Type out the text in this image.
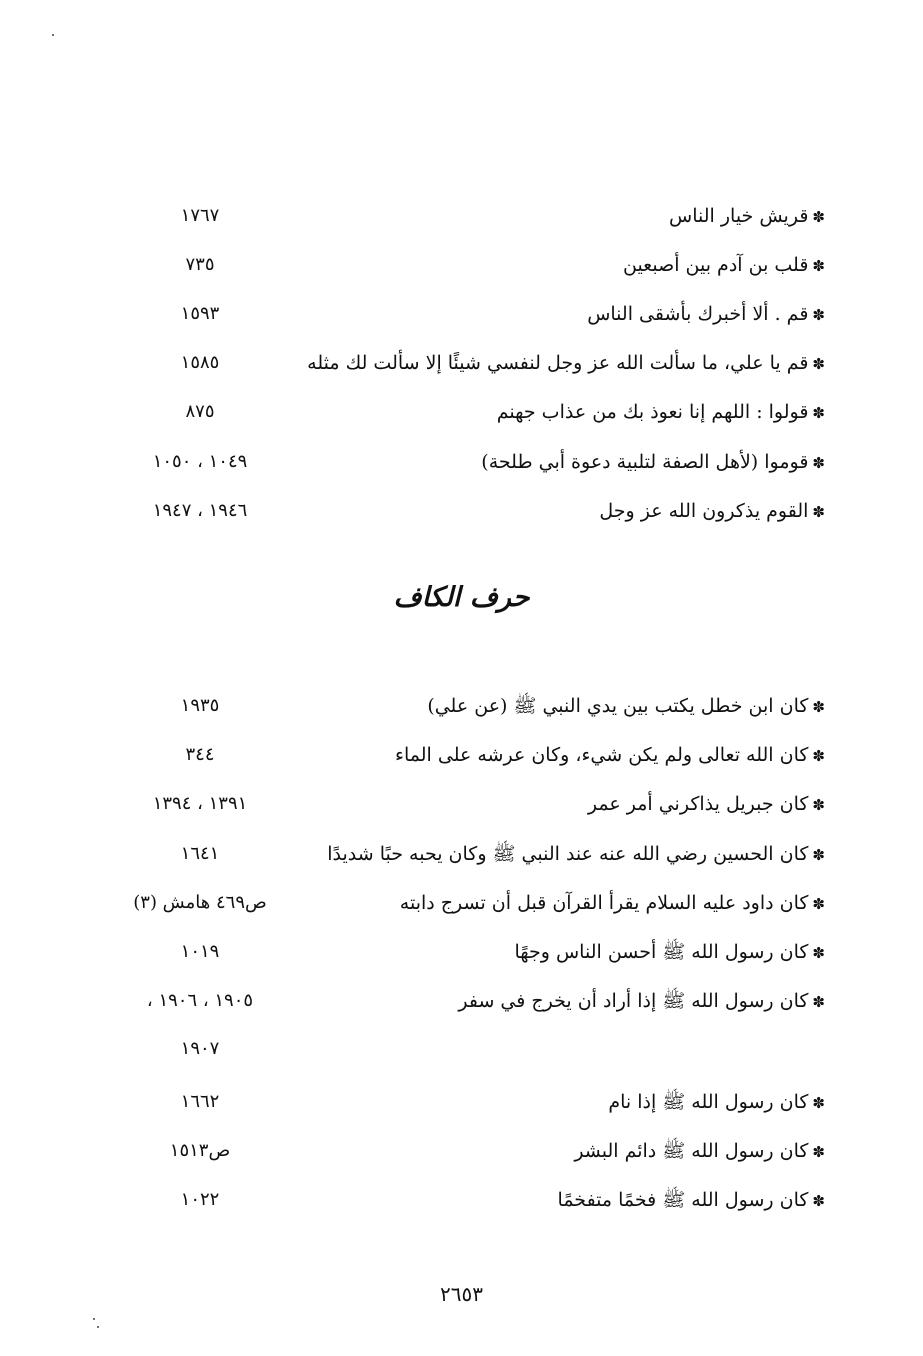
✽قريش خيار الناس
١٧٦٧
✽قلب بن آدم بين أصبعين
٧٣٥
✽قم . ألا أخبرك بأشقى الناس
١٥٩٣
✽قم يا علي، ما سألت الله عز وجل لنفسي شيئًا إلا سألت لك مثله
١٥٨٥
✽قولوا : اللهم إنا نعوذ بك من عذاب جهنم
٨٧٥
✽قوموا (لأهل الصفة لتلبية دعوة أبي طلحة)
١٠٤٩ ، ١٠٥٠
✽القوم يذكرون الله عز وجل
١٩٤٦ ، ١٩٤٧
حرف الكاف
✽كان ابن خطل يكتب بين يدي النبي ﷺ (عن علي)
١٩٣٥
✽كان الله تعالى ولم يكن شيء، وكان عرشه على الماء
٣٤٤
✽كان جبريل يذاكرني أمر عمر
١٣٩١ ، ١٣٩٤
✽كان الحسين رضي الله عنه عند النبي ﷺ وكان يحبه حبًا شديدًا
١٦٤١
✽كان داود عليه السلام يقرأ القرآن قبل أن تسرج دابته
ص٤٦٩ هامش (٣)
✽كان رسول الله ﷺ أحسن الناس وجهًا
١٠١٩
✽كان رسول الله ﷺ إذا أراد أن يخرج في سفر
١٩٠٥ ، ١٩٠٦ ،
١٩٠٧
✽كان رسول الله ﷺ إذا نام
١٦٦٢
✽كان رسول الله ﷺ دائم البشر
ص١٥١٣
✽كان رسول الله ﷺ فخمًا متفخمًا
١٠٢٢
٢٦٥٣
